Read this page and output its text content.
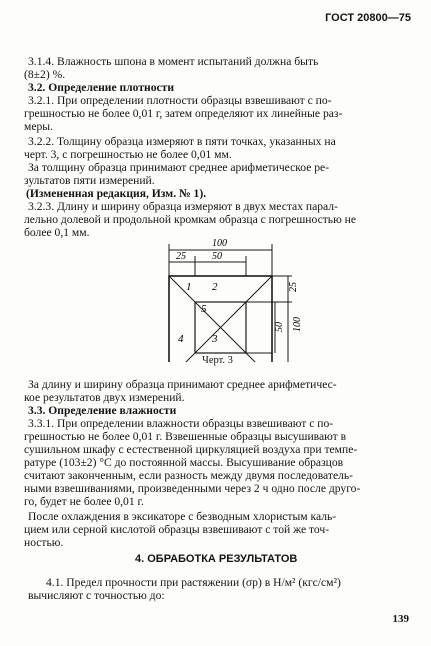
ГОСТ 20800—75
3.1.4. Влажность шпона в момент испытаний должна быть
(8±2) %.
3.2. Определение плотности
3.2.1. При определении плотности образцы взвешивают с по-
грешностью не более 0,01 г, затем определяют их линейные раз-
меры.
3.2.2. Толщину образца измеряют в пяти точках, указанных на
черт. 3, с погрешностью не более 0,01 мм.
За толщину образца принимают среднее арифметическое ре-
зультатов пяти измерений.
(Измененная редакция, Изм. № 1).
3.2.3. Длину и ширину образца измеряют в двух местах парал-
лельно долевой и продольной кромкам образца с погрешностью не
более 0,1 мм.
100
25	50
100
50
25
1 2
3
4
5
Черт. 3
За длину и ширину образца принимают среднее арифметичес-
кое результатов двух измерений.
3.3. Определение влажности
3.3.1. При определении влажности образцы взвешивают с по-
грешностью не более 0,01 г. Взвешенные образцы высушивают в
сушильном шкафу с естественной циркуляцией воздуха при темпе-
ратуре (103±2) °С до постоянной массы. Высушивание образцов
считают законченным, если разность между двумя последователь-
ными взвешиваниями, произведенными через 2 ч одно после друго-
го, будет не более 0,01 г.
После охлаждения в эксикаторе с безводным хлористым каль-
цием или серной кислотой образцы взвешивают с той же точ-
ностью.
4. ОБРАБОТКА РЕЗУЛЬТАТОВ
4.1. Предел прочности при растяжении (σр) в Н/м² (кгс/см²)
вычисляют с точностью до:
139
